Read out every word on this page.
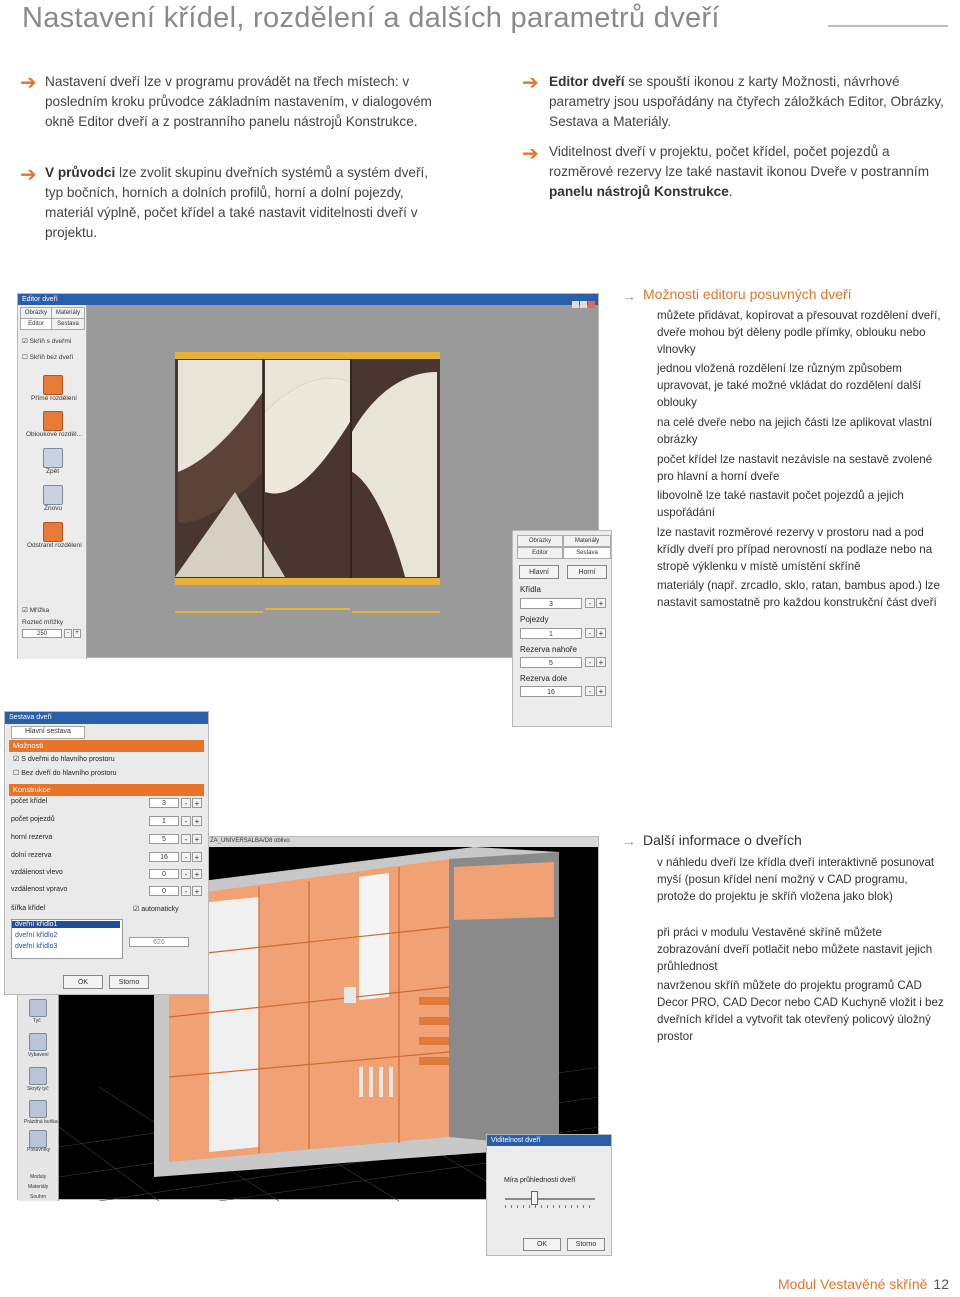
Nastavení křídel, rozdělení a dalších parametrů dveří
➔ Nastavení dveří lze v programu provádět na třech místech: v posledním kroku průvodce základním nastavením, v dialogovém okně Editor dveří a z postranního panelu nástrojů Konstrukce.
➔ V průvodci lze zvolit skupinu dveřních systémů a systém dveří, typ bočních, horních a dolních profilů, horní a dolní pojezdy, materiál výplně, počet křídel a také nastavit viditelnosti dveří v projektu.
➔ Editor dveří se spouští ikonou z karty Možnosti, návrhové parametry jsou uspořádány na čtyřech záložkách Editor, Obrázky, Sestava a Materiály.
➔ Viditelnost dveří v projektu, počet křídel, počet pojezdů a rozměrové rezervy lze také nastavit ikonou Dveře v postranním panelu nástrojů Konstrukce.
Editor dveří
Obrázky	Materiály
Editor	Sestava
☑ Skříň s dveřmi
☐ Skříň bez dveří
Přímé rozdělení
Obloukové rozděl...
Zpět
Znovu
Odstranit rozdělení
☑ Mřížka
Rozteč mřížky
250	-	+
Obrázky	Materiály
Editor	Sestava
Hlavní	Horní
Křídla
3	- +
Pojezdy
1	- +
Rezerva nahoře
5	- +
Rezerva dole
16	- +
→ Možnosti editoru posuvných dveří
můžete přidávat, kopírovat a přesouvat rozdělení dveří, dveře mohou být děleny podle přímky, oblouku nebo vlnovky
jednou vložená rozdělení lze různým způsobem upravovat, je také možné vkládat do rozdělení další oblouky
na celé dveře nebo na jejich části lze aplikovat vlastní obrázky
počet křídel lze nastavit nezávisle na sestavě zvolené pro hlavní a horní dveře
libovolně lze také nastavit počet pojezdů a jejich uspořádání
lze nastavit rozměrové rezervy v prostoru nad a pod křídly dveří pro případ nerovností na podlaze nebo na stropě výklenku v místě umístění skříně
materiály (např. zrcadlo, sklo, ratan, bambus apod.) lze nastavit samostatně pro každou konstrukční část dveří
ZA_UNIVERSALBA/D8 oblivo
Tyč
Vybavení
Skrytý tyč
Prázdná buňka
Posuvníky
Moduly
Materiály
Souhrn
Sestava dveří
Hlavní sestava
Možnosti
☑ S dveřmi do hlavního prostoru
☐ Bez dveří do hlavního prostoru
Konstrukce
počet křídel	3	- +
počet pojezdů	1	- +
horní rezerva	5	- +
dolní rezerva	16	- +
vzdálenost vlevo	0	- +
vzdálenost vpravo	0	- +
šířka křídel	☑ automaticky
dveřní křídlo1
dveřní křídlo2
dveřní křídlo3
626
OK	Storno
Viditelnost dveří
Míra průhlednosti dveří
OK	Storno
→ Další informace o dveřích
v náhledu dveří lze křídla dveří interaktivně posunovat myší (posun křídel není možný v CAD programu, protože do projektu je skříň vložena jako blok)
při práci v modulu Vestavěné skříně můžete zobrazování dveří potlačit nebo můžete nastavit jejich průhlednost
navrženou skříň můžete do projektu programů CAD Decor PRO, CAD Decor nebo CAD Kuchyně vložit i bez dveřních křídel a vytvořit tak otevřený policový úložný prostor
Modul Vestavěné skříně 12
